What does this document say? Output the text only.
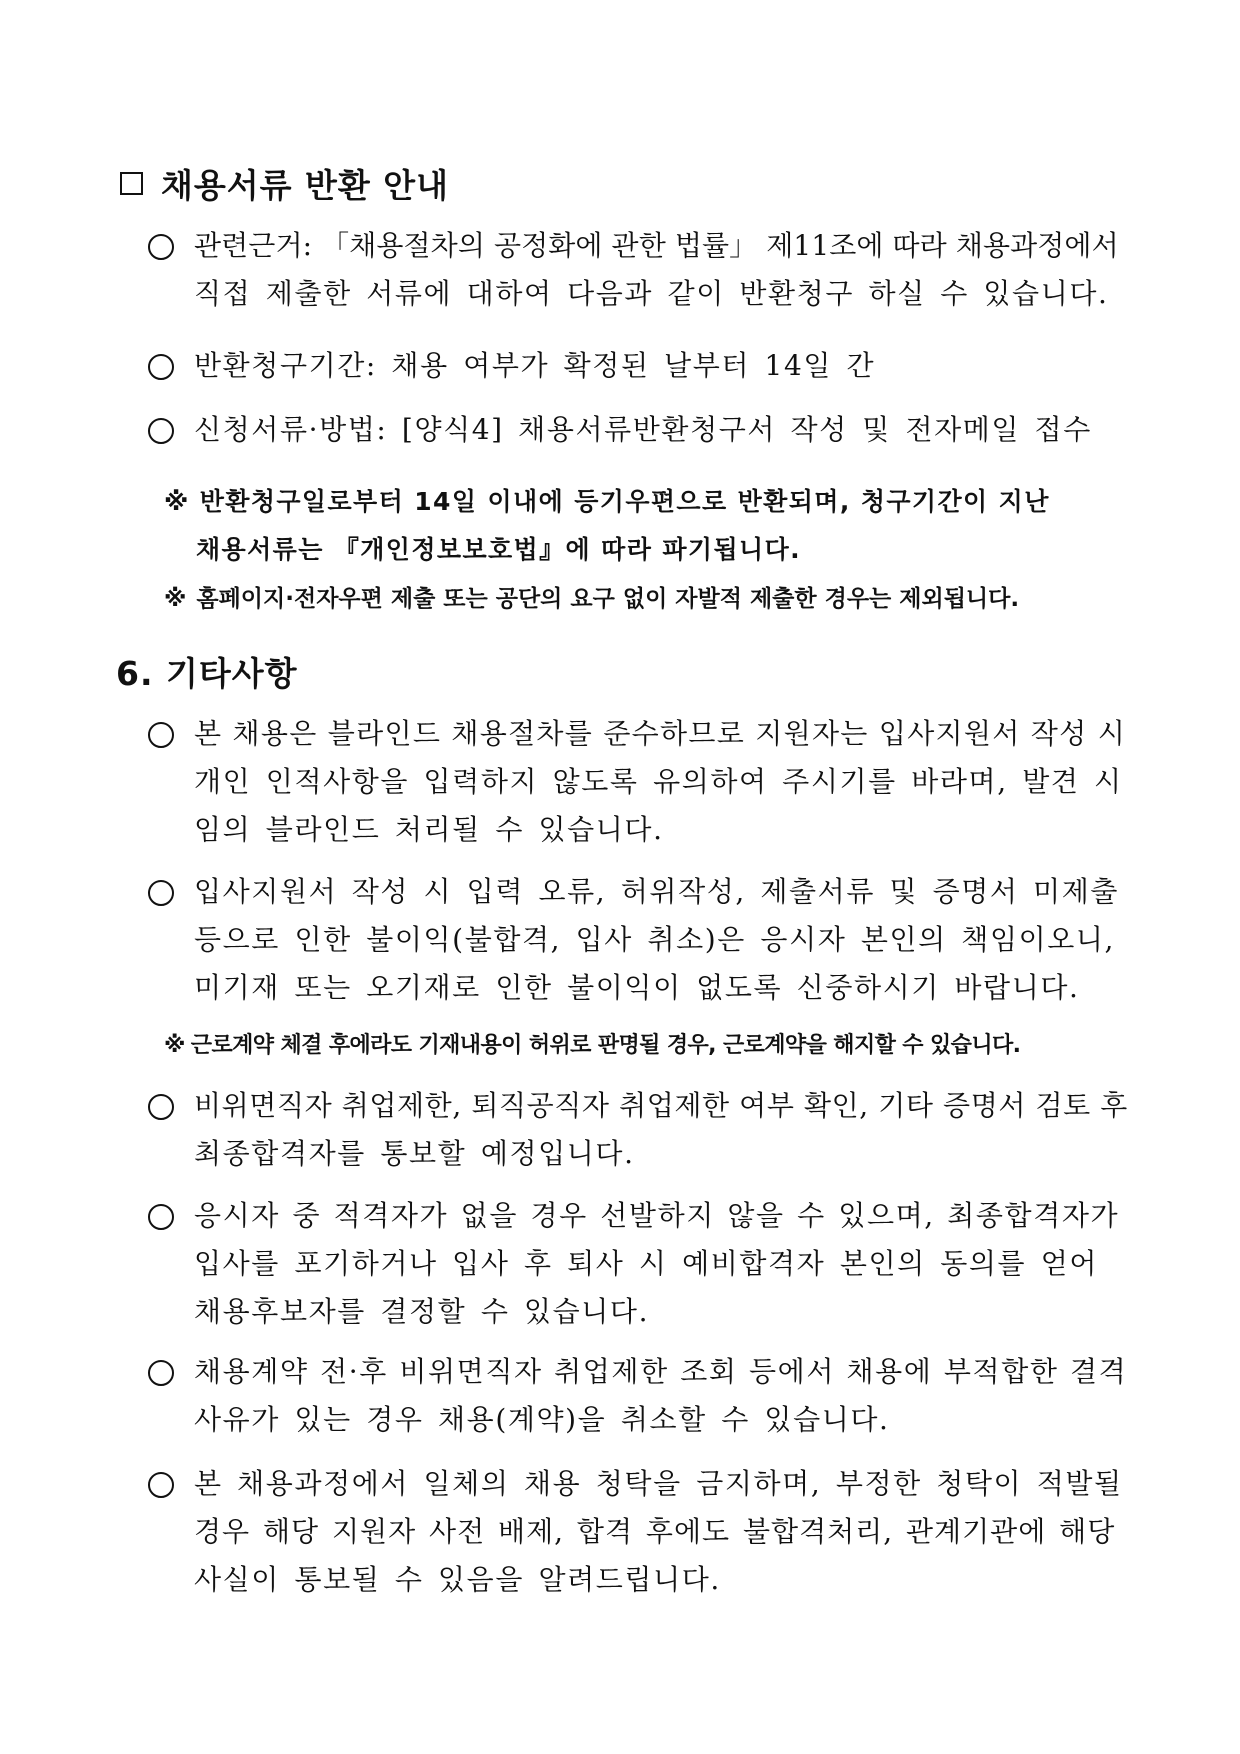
채용서류 반환 안내
관련근거: 「채용절차의 공정화에 관한 법률」 제11조에 따라 채용과정에서
직접 제출한 서류에 대하여 다음과 같이 반환청구 하실 수 있습니다.
반환청구기간: 채용 여부가 확정된 날부터 14일 간
신청서류·방법: [양식4] 채용서류반환청구서 작성 및 전자메일 접수
※ 반환청구일로부터 14일 이내에 등기우편으로 반환되며, 청구기간이 지난
채용서류는 『개인정보보호법』에 따라 파기됩니다.
※ 홈페이지·전자우편 제출 또는 공단의 요구 없이 자발적 제출한 경우는 제외됩니다.
6. 기타사항
본 채용은 블라인드 채용절차를 준수하므로 지원자는 입사지원서 작성 시
개인 인적사항을 입력하지 않도록 유의하여 주시기를 바라며, 발견 시
임의 블라인드 처리될 수 있습니다.
입사지원서 작성 시 입력 오류, 허위작성, 제출서류 및 증명서 미제출
등으로 인한 불이익(불합격, 입사 취소)은 응시자 본인의 책임이오니,
미기재 또는 오기재로 인한 불이익이 없도록 신중하시기 바랍니다.
※ 근로계약 체결 후에라도 기재내용이 허위로 판명될 경우, 근로계약을 해지할 수 있습니다.
비위면직자 취업제한, 퇴직공직자 취업제한 여부 확인, 기타 증명서 검토 후
최종합격자를 통보할 예정입니다.
응시자 중 적격자가 없을 경우 선발하지 않을 수 있으며, 최종합격자가
입사를 포기하거나 입사 후 퇴사 시 예비합격자 본인의 동의를 얻어
채용후보자를 결정할 수 있습니다.
채용계약 전·후 비위면직자 취업제한 조회 등에서 채용에 부적합한 결격
사유가 있는 경우 채용(계약)을 취소할 수 있습니다.
본 채용과정에서 일체의 채용 청탁을 금지하며, 부정한 청탁이 적발될
경우 해당 지원자 사전 배제, 합격 후에도 불합격처리, 관계기관에 해당
사실이 통보될 수 있음을 알려드립니다.
